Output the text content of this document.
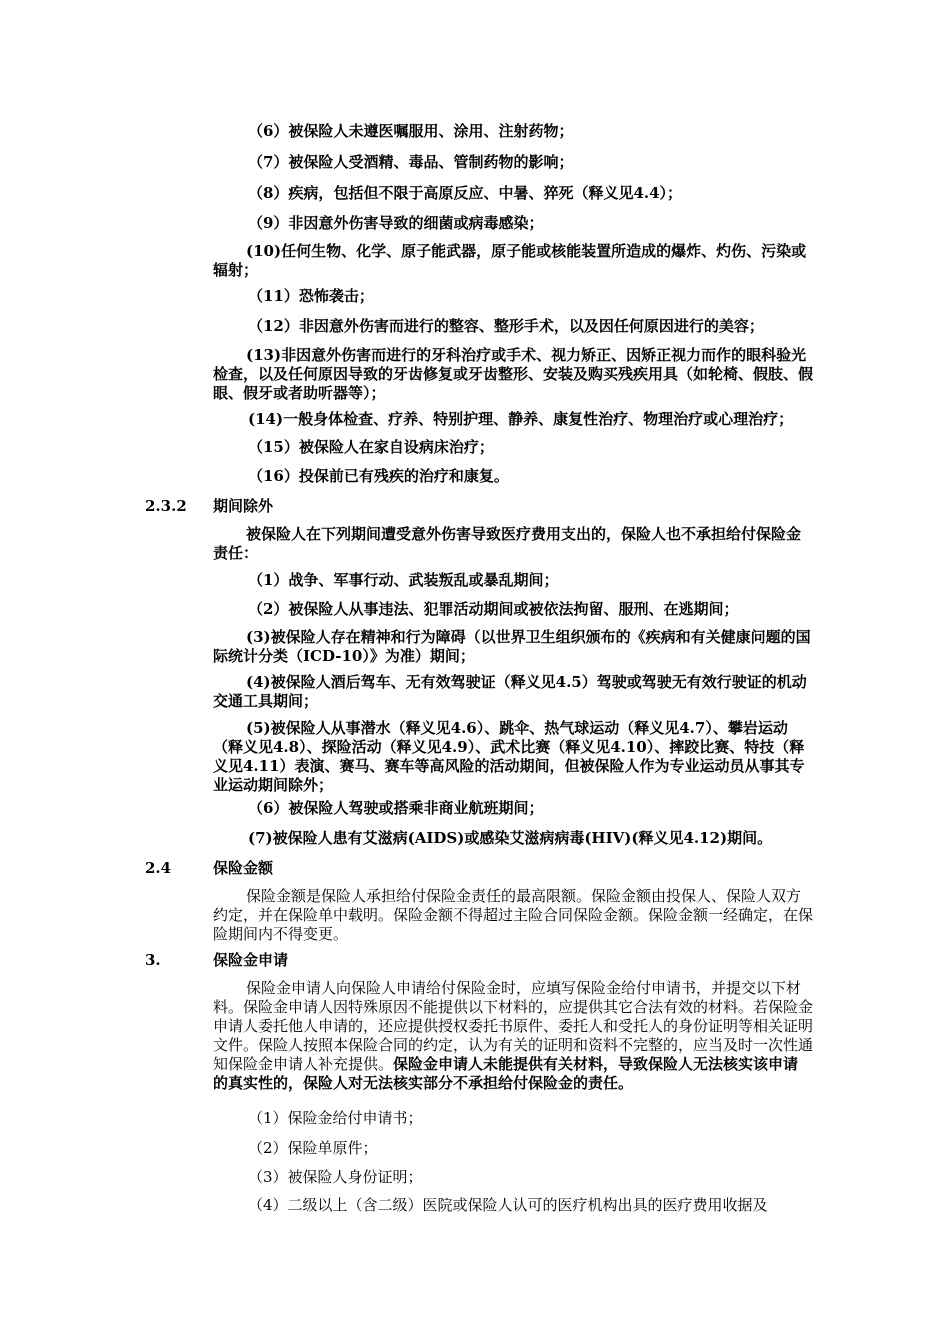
（6）被保险人未遵医嘱服用、涂用、注射药物；

（7）被保险人受酒精、毒品、管制药物的影响；

（8）疾病，包括但不限于高原反应、中暑、猝死（释义见4.4）；

（9）非因意外伤害导致的细菌或病毒感染；

(10)任何生物、化学、原子能武器，原子能或核能装置所造成的爆炸、灼伤、污染或辐射；

（11）恐怖袭击；

（12）非因意外伤害而进行的整容、整形手术，以及因任何原因进行的美容；

(13)非因意外伤害而进行的牙科治疗或手术、视力矫正、因矫正视力而作的眼科验光检查，以及任何原因导致的牙齿修复或牙齿整形、安装及购买残疾用具（如轮椅、假肢、假眼、假牙或者助听器等）；

(14)一般身体检查、疗养、特别护理、静养、康复性治疗、物理治疗或心理治疗；

（15）被保险人在家自设病床治疗；

（16）投保前已有残疾的治疗和康复。

2.3.2 期间除外

被保险人在下列期间遭受意外伤害导致医疗费用支出的，保险人也不承担给付保险金责任：

（1）战争、军事行动、武装叛乱或暴乱期间；

（2）被保险人从事违法、犯罪活动期间或被依法拘留、服刑、在逃期间；

(3)被保险人存在精神和行为障碍（以世界卫生组织颁布的《疾病和有关健康问题的国际统计分类（ICD-10）》为准）期间；

(4)被保险人酒后驾车、无有效驾驶证（释义见4.5）驾驶或驾驶无有效行驶证的机动交通工具期间；

(5)被保险人从事潜水（释义见4.6）、跳伞、热气球运动（释义见4.7）、攀岩运动（释义见4.8）、探险活动（释义见4.9）、武术比赛（释义见4.10）、摔跤比赛、特技（释义见4.11）表演、赛马、赛车等高风险的活动期间，但被保险人作为专业运动员从事其专业运动期间除外；

（6）被保险人驾驶或搭乘非商业航班期间；

(7)被保险人患有艾滋病(AIDS)或感染艾滋病病毒(HIV)(释义见4.12)期间。

2.4	保险金额

保险金额是保险人承担给付保险金责任的最高限额。保险金额由投保人、保险人双方约定，并在保险单中载明。保险金额不得超过主险合同保险金额。保险金额一经确定，在保险期间内不得变更。

3.	保险金申请

保险金申请人向保险人申请给付保险金时，应填写保险金给付申请书，并提交以下材料。保险金申请人因特殊原因不能提供以下材料的，应提供其它合法有效的材料。若保险金申请人委托他人申请的，还应提供授权委托书原件、委托人和受托人的身份证明等相关证明文件。保险人按照本保险合同的约定，认为有关的证明和资料不完整的，应当及时一次性通知保险金申请人补充提供。保险金申请人未能提供有关材料，导致保险人无法核实该申请的真实性的，保险人对无法核实部分不承担给付保险金的责任。

（1）保险金给付申请书；

（2）保险单原件；

（3）被保险人身份证明；

（4）二级以上（含二级）医院或保险人认可的医疗机构出具的医疗费用收据及
